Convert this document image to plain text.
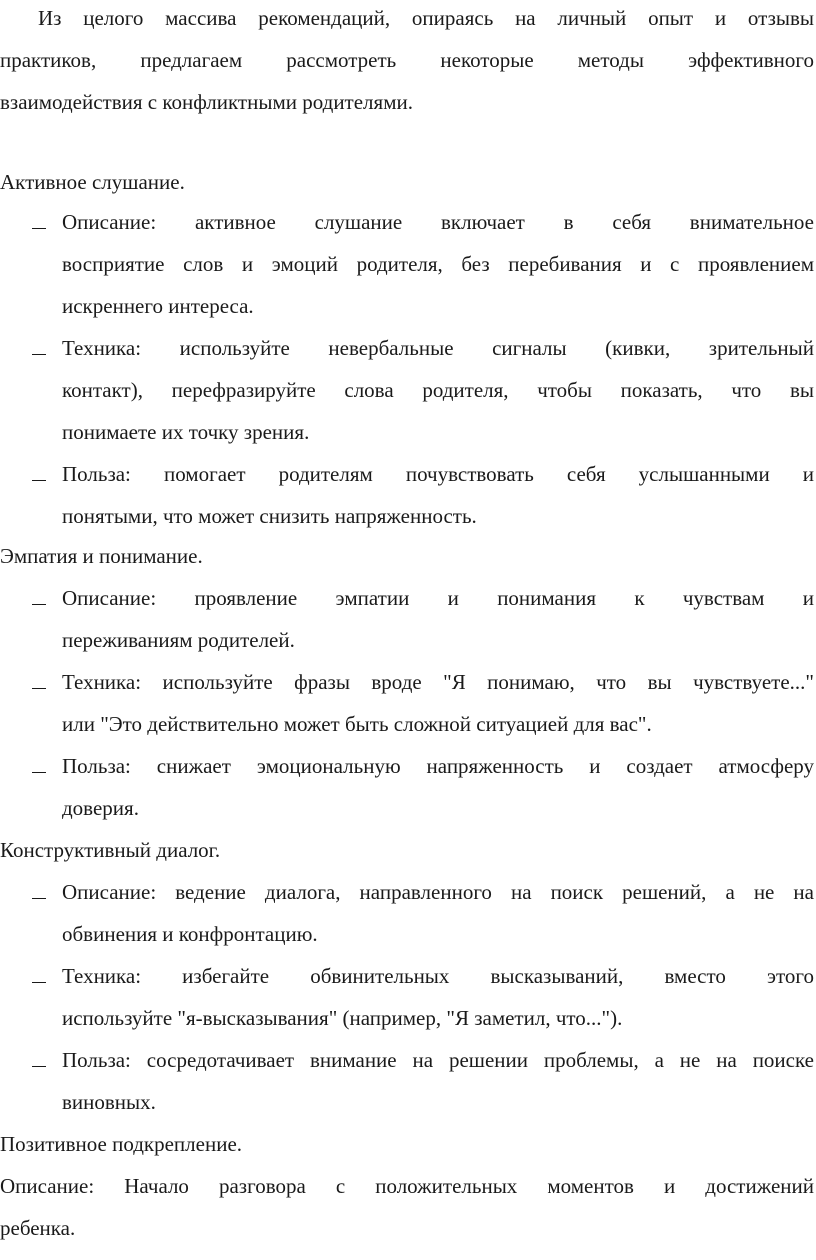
Из целого массива рекомендаций, опираясь на личный опыт и отзывы
практиков, предлагаем рассмотреть некоторые методы эффективного
взаимодействия с конфликтными родителями.
Активное слушание.
Описание: активное слушание включает в себя внимательное
восприятие слов и эмоций родителя, без перебивания и с проявлением
искреннего интереса.
Техника: используйте невербальные сигналы (кивки, зрительный
контакт), перефразируйте слова родителя, чтобы показать, что вы
понимаете их точку зрения.
Польза: помогает родителям почувствовать себя услышанными и
понятыми, что может снизить напряженность.
Эмпатия и понимание.
Описание: проявление эмпатии и понимания к чувствам и
переживаниям родителей.
Техника: используйте фразы вроде "Я понимаю, что вы чувствуете..."
или "Это действительно может быть сложной ситуацией для вас".
Польза: снижает эмоциональную напряженность и создает атмосферу
доверия.
Конструктивный диалог.
Описание: ведение диалога, направленного на поиск решений, а не на
обвинения и конфронтацию.
Техника: избегайте обвинительных высказываний, вместо этого
используйте "я-высказывания" (например, "Я заметил, что...").
Польза: сосредотачивает внимание на решении проблемы, а не на поиске
виновных.
Позитивное подкрепление.
Описание: Начало разговора с положительных моментов и достижений
ребенка.
